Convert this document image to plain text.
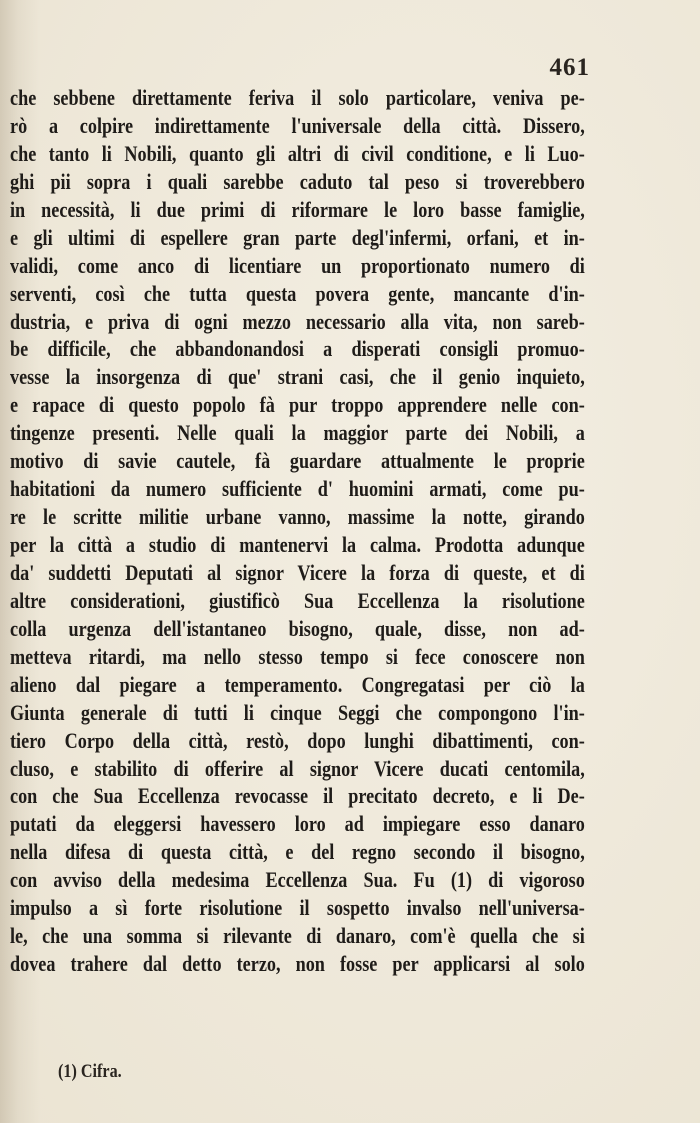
461
che sebbene direttamente feriva il solo particolare, veniva pe-
rò a colpire indirettamente l'universale della città. Dissero,
che tanto li Nobili, quanto gli altri di civil conditione, e li Luo-
ghi pii sopra i quali sarebbe caduto tal peso si troverebbero
in necessità, li due primi di riformare le loro basse famiglie,
e gli ultimi di espellere gran parte degl'infermi, orfani, et in-
validi, come anco di licentiare un proportionato numero di
serventi, così che tutta questa povera gente, mancante d'in-
dustria, e priva di ogni mezzo necessario alla vita, non sareb-
be difficile, che abbandonandosi a disperati consigli promuo-
vesse la insorgenza di que' strani casi, che il genio inquieto,
e rapace di questo popolo fà pur troppo apprendere nelle con-
tingenze presenti. Nelle quali la maggior parte dei Nobili, a
motivo di savie cautele, fà guardare attualmente le proprie
habitationi da numero sufficiente d' huomini armati, come pu-
re le scritte militie urbane vanno, massime la notte, girando
per la città a studio di mantenervi la calma. Prodotta adunque
da' suddetti Deputati al signor Vicere la forza di queste, et di
altre considerationi, giustificò Sua Eccellenza la risolutione
colla urgenza dell'istantaneo bisogno, quale, disse, non ad-
metteva ritardi, ma nello stesso tempo si fece conoscere non
alieno dal piegare a temperamento. Congregatasi per ciò la
Giunta generale di tutti li cinque Seggi che compongono l'in-
tiero Corpo della città, restò, dopo lunghi dibattimenti, con-
cluso, e stabilito di offerire al signor Vicere ducati centomila,
con che Sua Eccellenza revocasse il precitato decreto, e li De-
putati da eleggersi havessero loro ad impiegare esso danaro
nella difesa di questa città, e del regno secondo il bisogno,
con avviso della medesima Eccellenza Sua. Fu (1) di vigoroso
impulso a sì forte risolutione il sospetto invalso nell'universa-
le, che una somma si rilevante di danaro, com'è quella che si
dovea trahere dal detto terzo, non fosse per applicarsi al solo
(1) Cifra.
